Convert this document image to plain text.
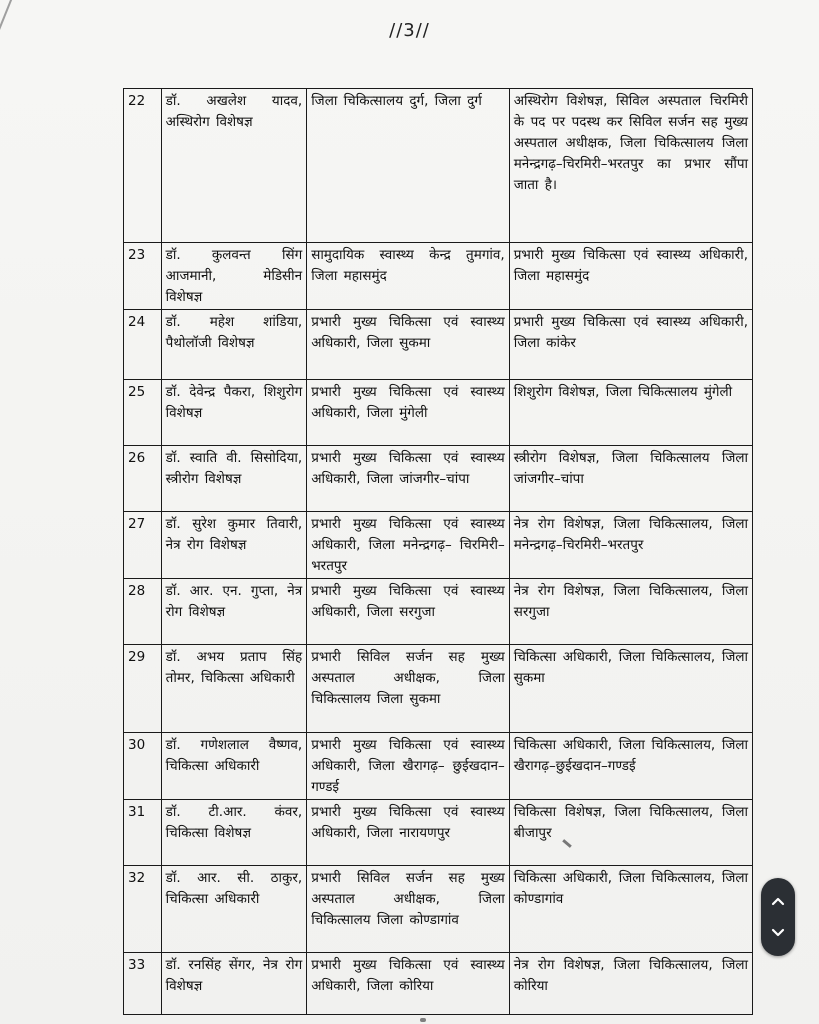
//3//
22	डॉ. अखलेश यादव, अस्थिरोग विशेषज्ञ	जिला चिकित्सालय दुर्ग, जिला दुर्ग	अस्थिरोग विशेषज्ञ, सिविल अस्पताल चिरमिरी के पद पर पदस्थ कर सिविल सर्जन सह मुख्य अस्पताल अधीक्षक, जिला चिकित्सालय जिला मनेन्द्रगढ़–चिरमिरी–भरतपुर का प्रभार सौंपा जाता है।
23	डॉ. कुलवन्त सिंग आजमानी, मेडिसीन विशेषज्ञ	सामुदायिक स्वास्थ्य केन्द्र तुमगांव, जिला महासमुंद	प्रभारी मुख्य चिकित्सा एवं स्वास्थ्य अधिकारी, जिला महासमुंद
24	डॉ. महेश शांडिया, पैथोलॉजी विशेषज्ञ	प्रभारी मुख्य चिकित्सा एवं स्वास्थ्य अधिकारी, जिला सुकमा	प्रभारी मुख्य चिकित्सा एवं स्वास्थ्य अधिकारी, जिला कांकेर
25	डॉ. देवेन्द्र पैकरा, शिशुरोग विशेषज्ञ	प्रभारी मुख्य चिकित्सा एवं स्वास्थ्य अधिकारी, जिला मुंगेली	शिशुरोग विशेषज्ञ, जिला चिकित्सालय मुंगेली
26	डॉ. स्वाति वी. सिसोदिया, स्त्रीरोग विशेषज्ञ	प्रभारी मुख्य चिकित्सा एवं स्वास्थ्य अधिकारी, जिला जांजगीर–चांपा	स्त्रीरोग विशेषज्ञ, जिला चिकित्सालय जिला जांजगीर–चांपा
27	डॉ. सुरेश कुमार तिवारी, नेत्र रोग विशेषज्ञ	प्रभारी मुख्य चिकित्सा एवं स्वास्थ्य अधिकारी, जिला मनेन्द्रगढ़– चिरमिरी–भरतपुर	नेत्र रोग विशेषज्ञ, जिला चिकित्सालय, जिला मनेन्द्रगढ़–चिरमिरी–भरतपुर
28	डॉ. आर. एन. गुप्ता, नेत्र रोग विशेषज्ञ	प्रभारी मुख्य चिकित्सा एवं स्वास्थ्य अधिकारी, जिला सरगुजा	नेत्र रोग विशेषज्ञ, जिला चिकित्सालय, जिला सरगुजा
29	डॉ. अभय प्रताप सिंह तोमर, चिकित्सा अधिकारी	प्रभारी सिविल सर्जन सह मुख्य अस्पताल अधीक्षक, जिला चिकित्सालय जिला सुकमा	चिकित्सा अधिकारी, जिला चिकित्सालय, जिला सुकमा
30	डॉ. गणेशलाल वैष्णव, चिकित्सा अधिकारी	प्रभारी मुख्य चिकित्सा एवं स्वास्थ्य अधिकारी, जिला खैरागढ़– छुईखदान–गण्डई	चिकित्सा अधिकारी, जिला चिकित्सालय, जिला खैरागढ़–छुईखदान–गण्डई
31	डॉ. टी.आर. कंवर, चिकित्सा विशेषज्ञ	प्रभारी मुख्य चिकित्सा एवं स्वास्थ्य अधिकारी, जिला नारायणपुर	चिकित्सा विशेषज्ञ, जिला चिकित्सालय, जिला बीजापुर
32	डॉ. आर. सी. ठाकुर, चिकित्सा अधिकारी	प्रभारी सिविल सर्जन सह मुख्य अस्पताल अधीक्षक, जिला चिकित्सालय जिला कोण्डागांव	चिकित्सा अधिकारी, जिला चिकित्सालय, जिला कोण्डागांव
33	डॉ. रनसिंह सेंगर, नेत्र रोग विशेषज्ञ	प्रभारी मुख्य चिकित्सा एवं स्वास्थ्य अधिकारी, जिला कोरिया	नेत्र रोग विशेषज्ञ, जिला चिकित्सालय, जिला कोरिया
